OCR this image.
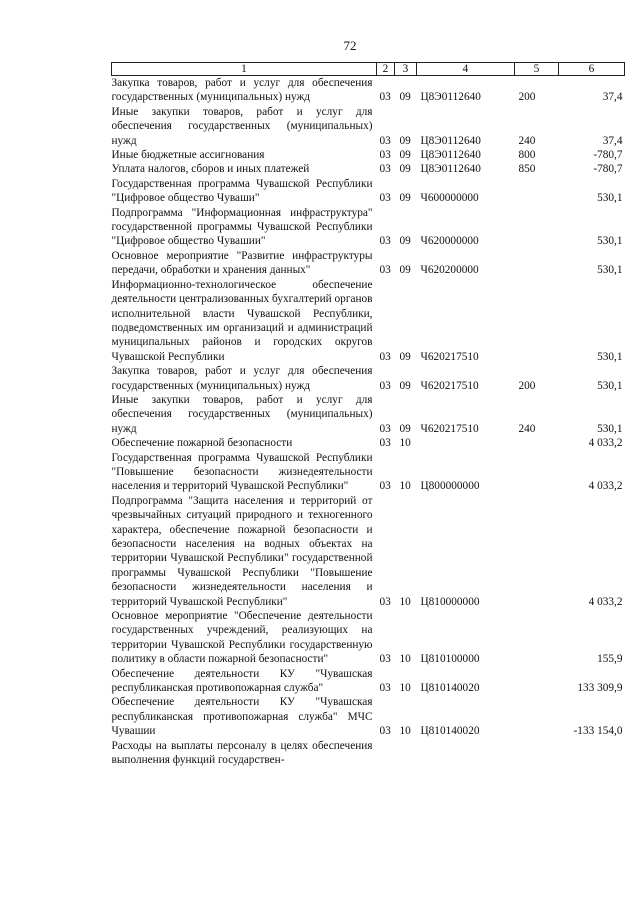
72
1	2	3	4	5	6
Закупка товаров, работ и услуг для обеспечения государственных (муниципальных) нужд	03	09	Ц8Э0112640	200	37,4
Иные закупки товаров, работ и услуг для обеспечения государственных (муниципальных) нужд	03	09	Ц8Э0112640	240	37,4
Иные бюджетные ассигнования	03	09	Ц8Э0112640	800	-780,7
Уплата налогов, сборов и иных платежей	03	09	Ц8Э0112640	850	-780,7
Государственная программа Чувашской Республики "Цифровое общество Чуваши"	03	09	Ч600000000		530,1
Подпрограмма "Информационная инфраструктура" государственной программы Чувашской Республики "Цифровое общество Чувашии"	03	09	Ч620000000		530,1
Основное мероприятие "Развитие инфраструктуры передачи, обработки и хранения данных"	03	09	Ч620200000		530,1
Информационно-технологическое обеспечение деятельности централизованных бухгалтерий органов исполнительной власти Чувашской Республики, подведомственных им организаций и администраций муниципальных районов и городских округов Чувашской Республики	03	09	Ч620217510		530,1
Закупка товаров, работ и услуг для обеспечения государственных (муниципальных) нужд	03	09	Ч620217510	200	530,1
Иные закупки товаров, работ и услуг для обеспечения государственных (муниципальных) нужд	03	09	Ч620217510	240	530,1
Обеспечение пожарной безопасности	03	10			4 033,2
Государственная программа Чувашской Республики "Повышение безопасности жизнедеятельности населения и территорий Чувашской Республики"	03	10	Ц800000000		4 033,2
Подпрограмма "Защита населения и территорий от чрезвычайных ситуаций природного и техногенного характера, обеспечение пожарной безопасности и безопасности населения на водных объектах на территории Чувашской Республики" государственной программы Чувашской Республики "Повышение безопасности жизнедеятельности населения и территорий Чувашской Республики"	03	10	Ц810000000		4 033,2
Основное мероприятие "Обеспечение деятельности государственных учреждений, реализующих на территории Чувашской Республики государственную политику в области пожарной безопасности"	03	10	Ц810100000		155,9
Обеспечение деятельности КУ "Чувашская республиканская противопожарная служба"	03	10	Ц810140020		133 309,9
Обеспечение деятельности КУ "Чувашская республиканская противопожарная служба" МЧС Чувашии	03	10	Ц810140020		-133 154,0
Расходы на выплаты персоналу в целях обеспечения выполнения функций государствен-					
